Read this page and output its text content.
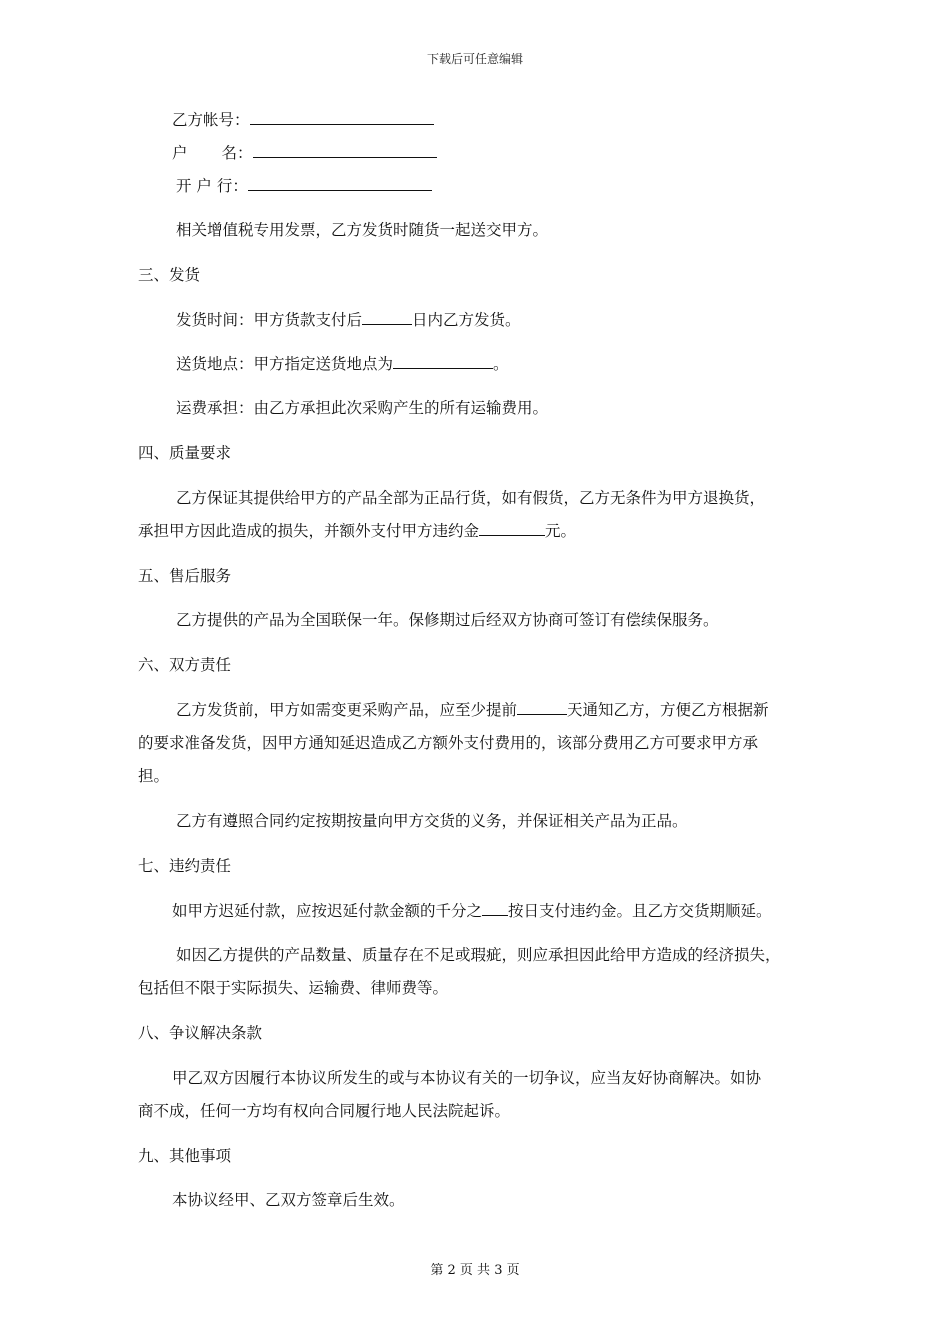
下载后可任意编辑
乙方帐号：
户 名：
开 户 行：
相关增值税专用发票，乙方发货时随货一起送交甲方。
三、发货
发货时间：甲方货款支付后	日内乙方发货。
送货地点：甲方指定送货地点为	。
运费承担：由乙方承担此次采购产生的所有运输费用。
四、质量要求
乙方保证其提供给甲方的产品全部为正品行货，如有假货，乙方无条件为甲方退换货，
承担甲方因此造成的损失，并额外支付甲方违约金	元。
五、售后服务
乙方提供的产品为全国联保一年。保修期过后经双方协商可签订有偿续保服务。
六、双方责任
乙方发货前，甲方如需变更采购产品，应至少提前	天通知乙方，方便乙方根据新
的要求准备发货，因甲方通知延迟造成乙方额外支付费用的，该部分费用乙方可要求甲方承
担。
乙方有遵照合同约定按期按量向甲方交货的义务，并保证相关产品为正品。
七、违约责任
如甲方迟延付款，应按迟延付款金额的千分之 按日支付违约金。且乙方交货期顺延。
如因乙方提供的产品数量、质量存在不足或瑕疵，则应承担因此给甲方造成的经济损失，
包括但不限于实际损失、运输费、律师费等。
八、争议解决条款
甲乙双方因履行本协议所发生的或与本协议有关的一切争议，应当友好协商解决。如协
商不成，任何一方均有权向合同履行地人民法院起诉。
九、其他事项
本协议经甲、乙双方签章后生效。
第 2 页 共 3 页
